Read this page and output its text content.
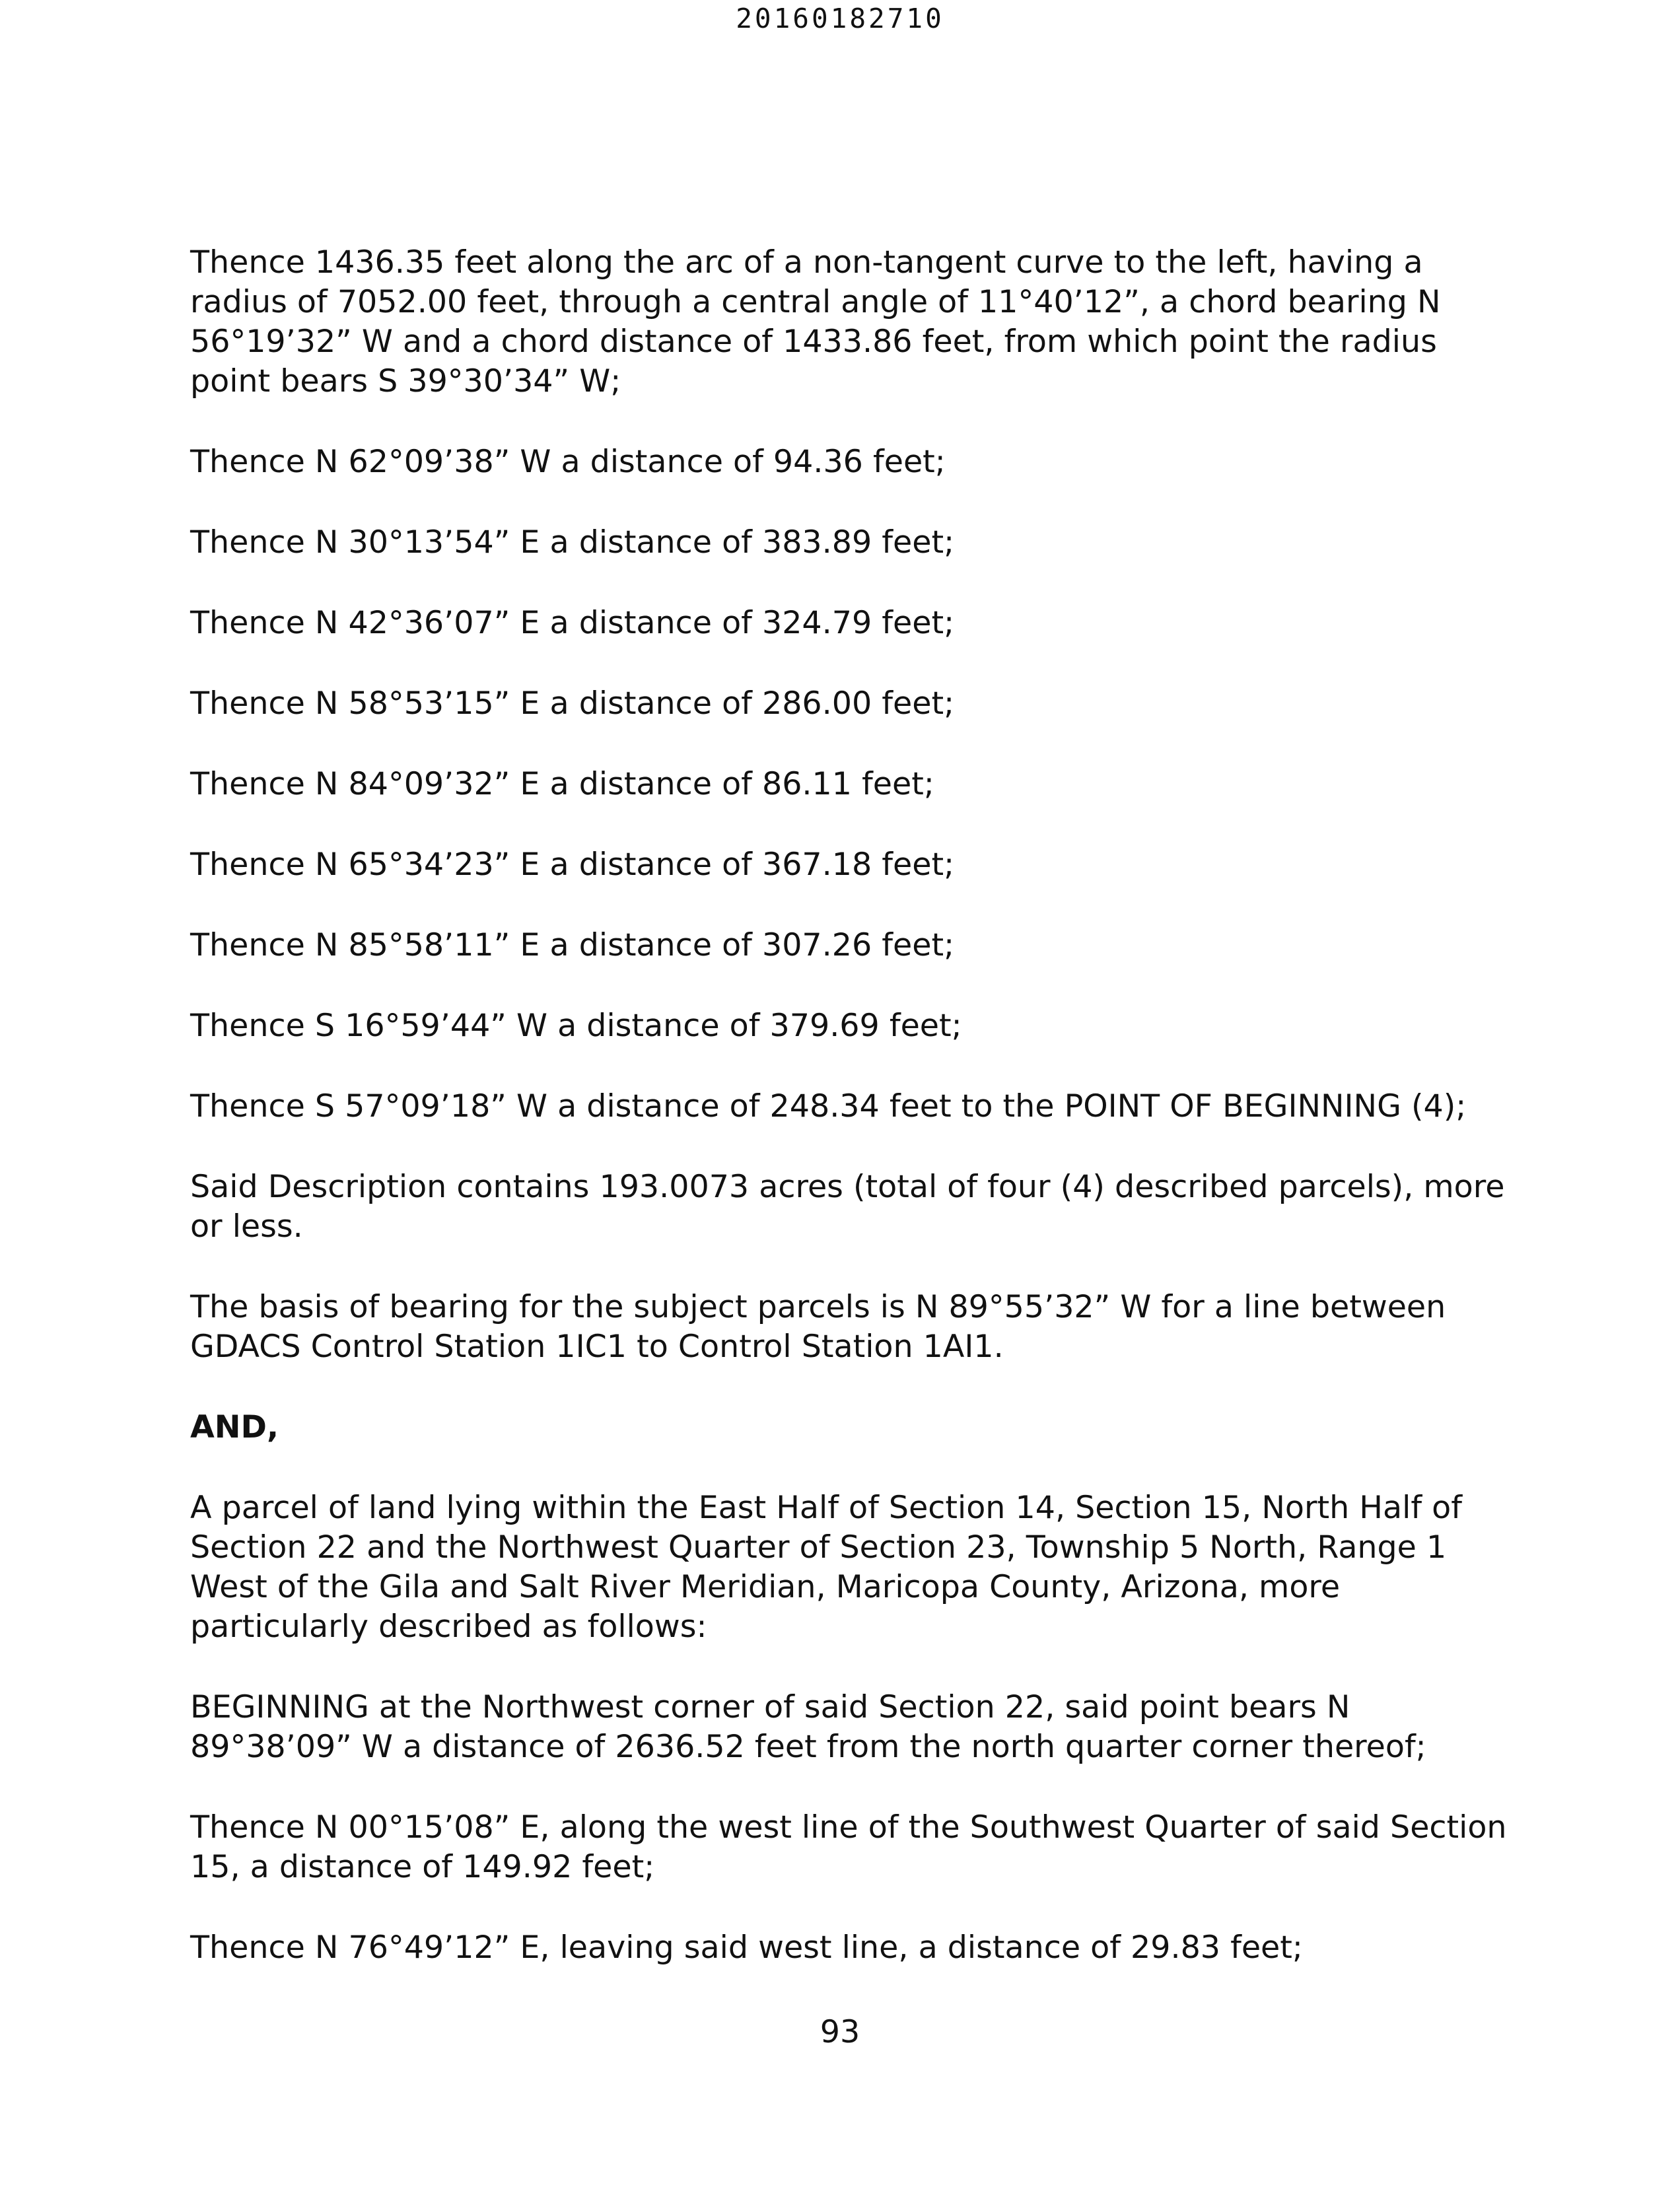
20160182710

Thence 1436.35 feet along the arc of a non-tangent curve to the left, having a radius of 7052.00 feet, through a central angle of 11°40’12”, a chord bearing N 56°19’32” W and a chord distance of 1433.86 feet, from which point the radius point bears S 39°30’34” W;

Thence N 62°09’38” W a distance of 94.36 feet;

Thence N 30°13’54” E a distance of 383.89 feet;

Thence N 42°36’07” E a distance of 324.79 feet;

Thence N 58°53’15” E a distance of 286.00 feet;

Thence N 84°09’32” E a distance of 86.11 feet;

Thence N 65°34’23” E a distance of 367.18 feet;

Thence N 85°58’11” E a distance of 307.26 feet;

Thence S 16°59’44” W a distance of 379.69 feet;

Thence S 57°09’18” W a distance of 248.34 feet to the POINT OF BEGINNING (4);

Said Description contains 193.0073 acres (total of four (4) described parcels), more or less.

The basis of bearing for the subject parcels is N 89°55’32” W for a line between GDACS Control Station 1IC1 to Control Station 1AI1.

AND,

A parcel of land lying within the East Half of Section 14, Section 15, North Half of Section 22 and the Northwest Quarter of Section 23, Township 5 North, Range 1 West of the Gila and Salt River Meridian, Maricopa County, Arizona, more particularly described as follows:

BEGINNING at the Northwest corner of said Section 22, said point bears N 89°38’09” W a distance of 2636.52 feet from the north quarter corner thereof;

Thence N 00°15’08” E, along the west line of the Southwest Quarter of said Section 15, a distance of 149.92 feet;

Thence N 76°49’12” E, leaving said west line, a distance of 29.83 feet;

93
